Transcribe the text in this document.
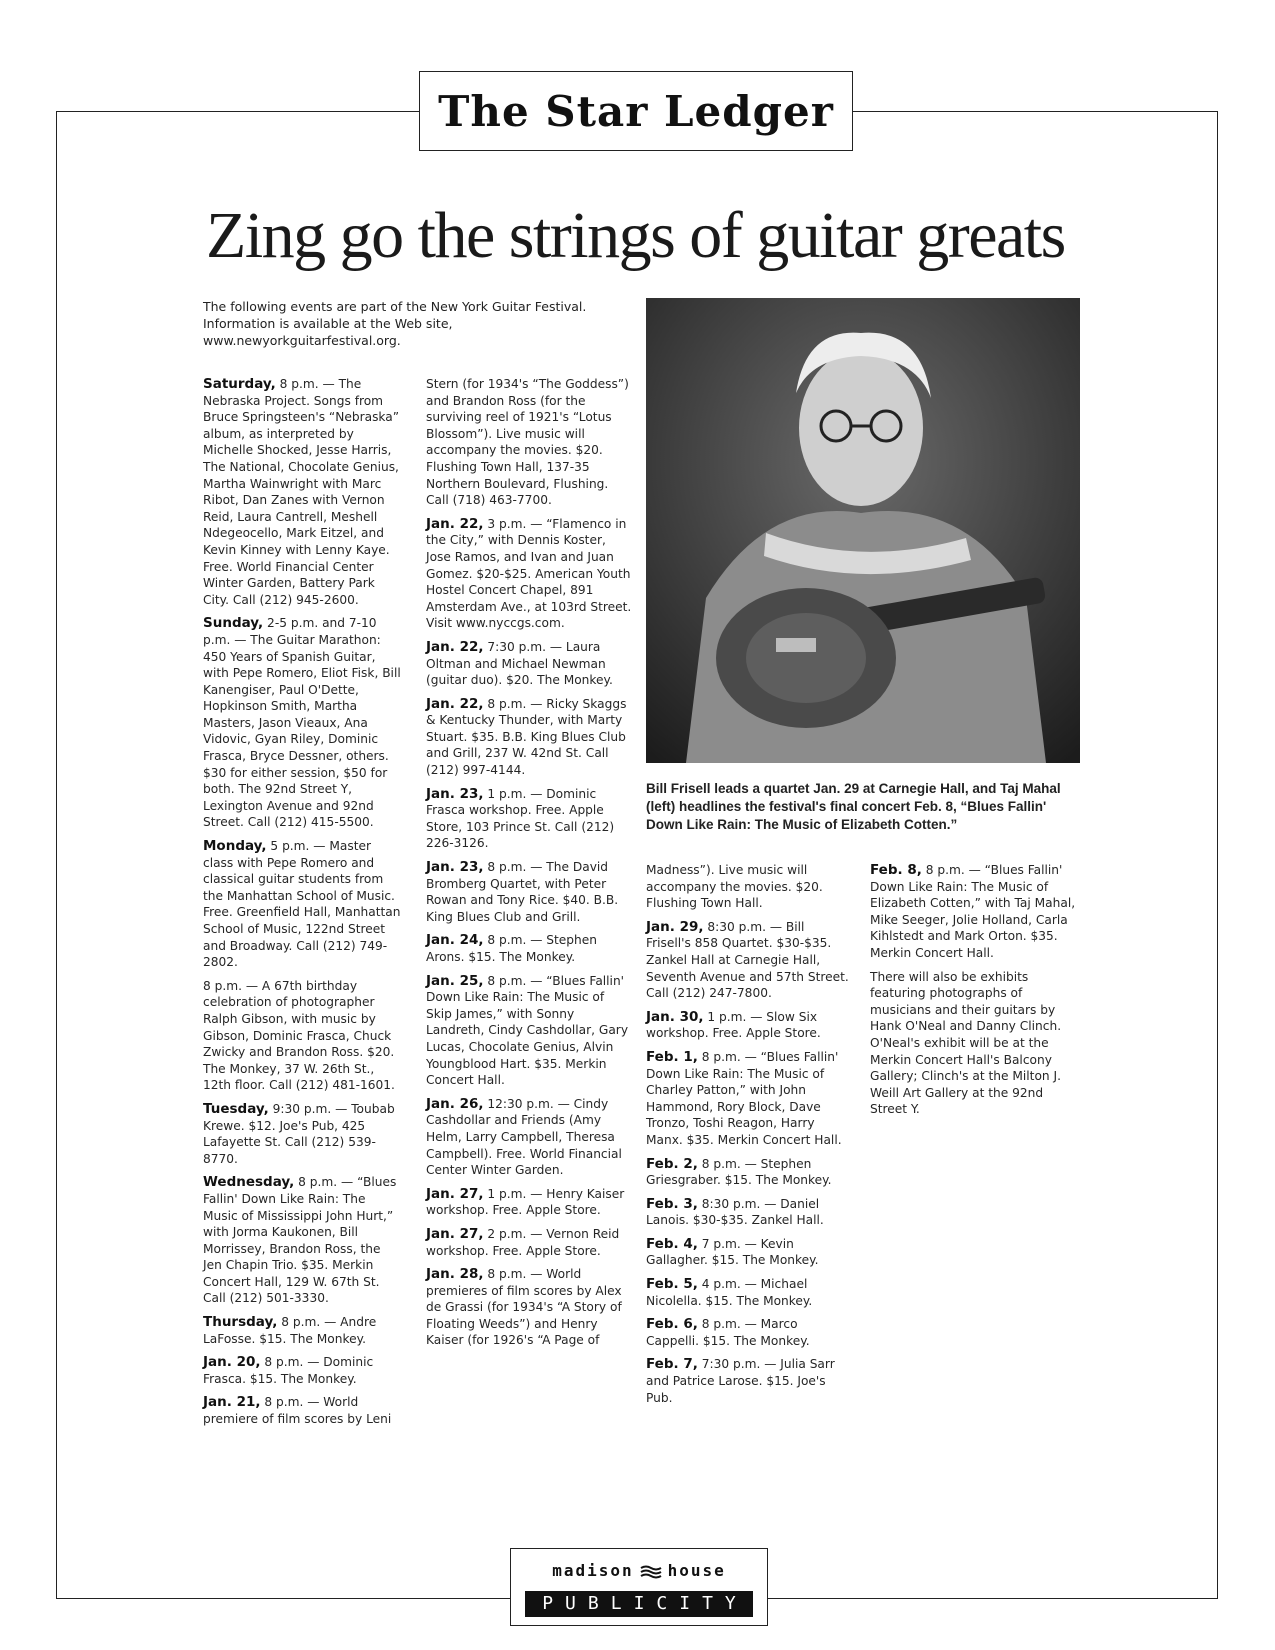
The Star Ledger
Zing go the strings of guitar greats

The following events are part of the New York Guitar Festival. Information is available at the Web site, www.newyorkguitarfestival.org.

Bill Frisell leads a quartet Jan. 29 at Carnegie Hall, and Taj Mahal (left) headlines the festival's final concert Feb. 8, “Blues Fallin' Down Like Rain: The Music of Elizabeth Cotten.”

Saturday, 8 p.m. — The Nebraska Project. Songs from Bruce Springsteen's “Nebraska” album, as interpreted by Michelle Shocked, Jesse Harris, The National, Chocolate Genius, Martha Wainwright with Marc Ribot, Dan Zanes with Vernon Reid, Laura Cantrell, Meshell Ndegeocello, Mark Eitzel, and Kevin Kinney with Lenny Kaye. Free. World Financial Center Winter Garden, Battery Park City. Call (212) 945-2600.

Sunday, 2-5 p.m. and 7-10 p.m. — The Guitar Marathon: 450 Years of Spanish Guitar, with Pepe Romero, Eliot Fisk, Bill Kanengiser, Paul O'Dette, Hopkinson Smith, Martha Masters, Jason Vieaux, Ana Vidovic, Gyan Riley, Dominic Frasca, Bryce Dessner, others. $30 for either session, $50 for both. The 92nd Street Y, Lexington Avenue and 92nd Street. Call (212) 415-5500.

Monday, 5 p.m. — Master class with Pepe Romero and classical guitar students from the Manhattan School of Music. Free. Greenfield Hall, Manhattan School of Music, 122nd Street and Broadway. Call (212) 749-2802.

8 p.m. — A 67th birthday celebration of photographer Ralph Gibson, with music by Gibson, Dominic Frasca, Chuck Zwicky and Brandon Ross. $20. The Monkey, 37 W. 26th St., 12th floor. Call (212) 481-1601.

Tuesday, 9:30 p.m. — Toubab Krewe. $12. Joe's Pub, 425 Lafayette St. Call (212) 539-8770.

Wednesday, 8 p.m. — “Blues Fallin' Down Like Rain: The Music of Mississippi John Hurt,” with Jorma Kaukonen, Bill Morrissey, Brandon Ross, the Jen Chapin Trio. $35. Merkin Concert Hall, 129 W. 67th St. Call (212) 501-3330.

Thursday, 8 p.m. — Andre LaFosse. $15. The Monkey.

Jan. 20, 8 p.m. — Dominic Frasca. $15. The Monkey.

Jan. 21, 8 p.m. — World premiere of film scores by Leni

Stern (for 1934's “The Goddess”) and Brandon Ross (for the surviving reel of 1921's “Lotus Blossom”). Live music will accompany the movies. $20. Flushing Town Hall, 137-35 Northern Boulevard, Flushing. Call (718) 463-7700.

Jan. 22, 3 p.m. — “Flamenco in the City,” with Dennis Koster, Jose Ramos, and Ivan and Juan Gomez. $20-$25. American Youth Hostel Concert Chapel, 891 Amsterdam Ave., at 103rd Street. Visit www.nyccgs.com.

Jan. 22, 7:30 p.m. — Laura Oltman and Michael Newman (guitar duo). $20. The Monkey.

Jan. 22, 8 p.m. — Ricky Skaggs & Kentucky Thunder, with Marty Stuart. $35. B.B. King Blues Club and Grill, 237 W. 42nd St. Call (212) 997-4144.

Jan. 23, 1 p.m. — Dominic Frasca workshop. Free. Apple Store, 103 Prince St. Call (212) 226-3126.

Jan. 23, 8 p.m. — The David Bromberg Quartet, with Peter Rowan and Tony Rice. $40. B.B. King Blues Club and Grill.

Jan. 24, 8 p.m. — Stephen Arons. $15. The Monkey.

Jan. 25, 8 p.m. — “Blues Fallin' Down Like Rain: The Music of Skip James,” with Sonny Landreth, Cindy Cashdollar, Gary Lucas, Chocolate Genius, Alvin Youngblood Hart. $35. Merkin Concert Hall.

Jan. 26, 12:30 p.m. — Cindy Cashdollar and Friends (Amy Helm, Larry Campbell, Theresa Campbell). Free. World Financial Center Winter Garden.

Jan. 27, 1 p.m. — Henry Kaiser workshop. Free. Apple Store.

Jan. 27, 2 p.m. — Vernon Reid workshop. Free. Apple Store.

Jan. 28, 8 p.m. — World premieres of film scores by Alex de Grassi (for 1934's “A Story of Floating Weeds”) and Henry Kaiser (for 1926's “A Page of

Madness”). Live music will accompany the movies. $20. Flushing Town Hall.

Jan. 29, 8:30 p.m. — Bill Frisell's 858 Quartet. $30-$35. Zankel Hall at Carnegie Hall, Seventh Avenue and 57th Street. Call (212) 247-7800.

Jan. 30, 1 p.m. — Slow Six workshop. Free. Apple Store.

Feb. 1, 8 p.m. — “Blues Fallin' Down Like Rain: The Music of Charley Patton,” with John Hammond, Rory Block, Dave Tronzo, Toshi Reagon, Harry Manx. $35. Merkin Concert Hall.

Feb. 2, 8 p.m. — Stephen Griesgraber. $15. The Monkey.

Feb. 3, 8:30 p.m. — Daniel Lanois. $30-$35. Zankel Hall.

Feb. 4, 7 p.m. — Kevin Gallagher. $15. The Monkey.

Feb. 5, 4 p.m. — Michael Nicolella. $15. The Monkey.

Feb. 6, 8 p.m. — Marco Cappelli. $15. The Monkey.

Feb. 7, 7:30 p.m. — Julia Sarr and Patrice Larose. $15. Joe's Pub.

Feb. 8, 8 p.m. — “Blues Fallin' Down Like Rain: The Music of Elizabeth Cotten,” with Taj Mahal, Mike Seeger, Jolie Holland, Carla Kihlstedt and Mark Orton. $35. Merkin Concert Hall.

There will also be exhibits featuring photographs of musicians and their guitars by Hank O'Neal and Danny Clinch. O'Neal's exhibit will be at the Merkin Concert Hall's Balcony Gallery; Clinch's at the Milton J. Weill Art Gallery at the 92nd Street Y.

madison house
PUBLICITY
